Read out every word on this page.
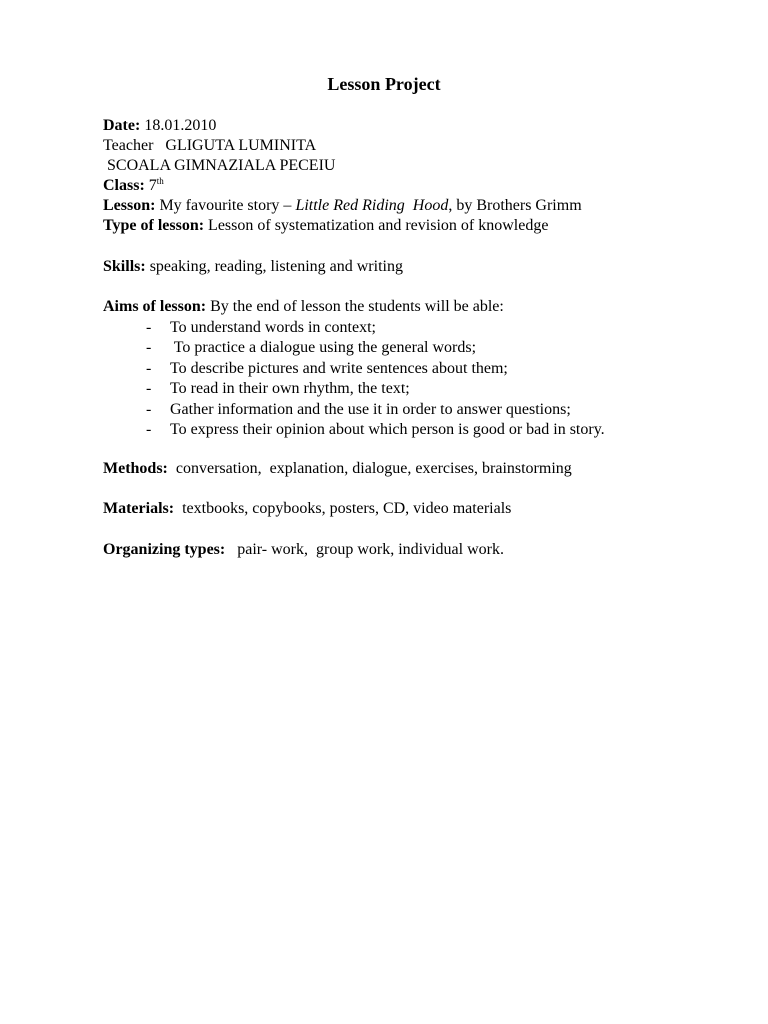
Lesson Project
Date: 18.01.2010
Teacher GLIGUTA LUMINITA
SCOALA GIMNAZIALA PECEIU
Class: 7th
Lesson: My favourite story – Little Red Riding  Hood, by Brothers Grimm
Type of lesson: Lesson of systematization and revision of knowledge
Skills: speaking, reading, listening and writing
Aims of lesson: By the end of lesson the students will be able:
- To understand words in context;
- To practice a dialogue using the general words;
- To describe pictures and write sentences about them;
- To read in their own rhythm, the text;
- Gather information and the use it in order to answer questions;
- To express their opinion about which person is good or bad in story.
Methods:  conversation,  explanation, dialogue, exercises, brainstorming
Materials:  textbooks, copybooks, posters, CD, video materials
Organizing types:   pair- work,  group work, individual work.
